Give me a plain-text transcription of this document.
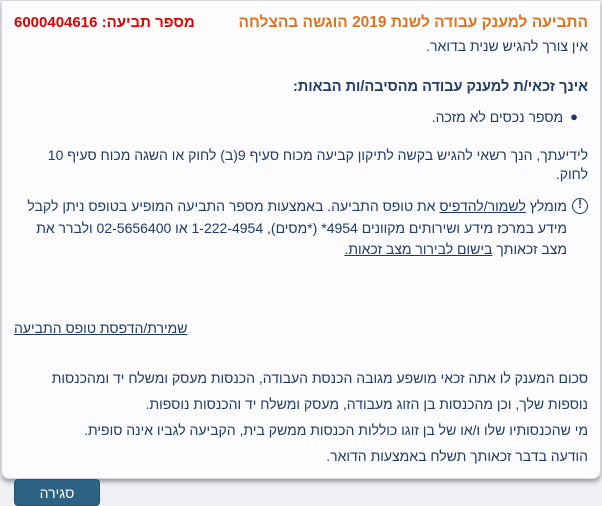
התביעה למענק עבודה לשנת 2019 הוגשה בהצלחה
מספר תביעה: 6000404616
אין צורך להגיש שנית בדואר.
אינך זכאי/ת למענק עבודה מהסיבה/ות הבאות:
●
מספר נכסים לא מזכה.
לידיעתך, הנך רשאי להגיש בקשה לתיקון קביעה מכוח סעיף 9(ב) לחוק או השגה מכוח סעיף 10 לחוק.
!
מומלץ לשמור/להדפיס את טופס התביעה. באמצעות מספר התביעה המופיע בטופס ניתן לקבל מידע במרכז מידע ושירותים מקוונים 4954* (*מסים), 1-222-4954 או 02-5656400 ולברר את מצב זכאותך בישום לבירור מצב זכאות.
שמירת/הדפסת טופס התביעה
סכום המענק לו אתה זכאי מושפע מגובה הכנסת העבודה, הכנסות מעסק ומשלח יד ומהכנסות נוספות שלך, וכן מהכנסות בן הזוג מעבודה, מעסק ומשלח יד והכנסות נוספות.
מי שהכנסותיו שלו ו/או של בן זוגו כוללות הכנסות ממשק בית, הקביעה לגביו אינה סופית.
הודעה בדבר זכאותך תשלח באמצעות הדואר.
סגירה
